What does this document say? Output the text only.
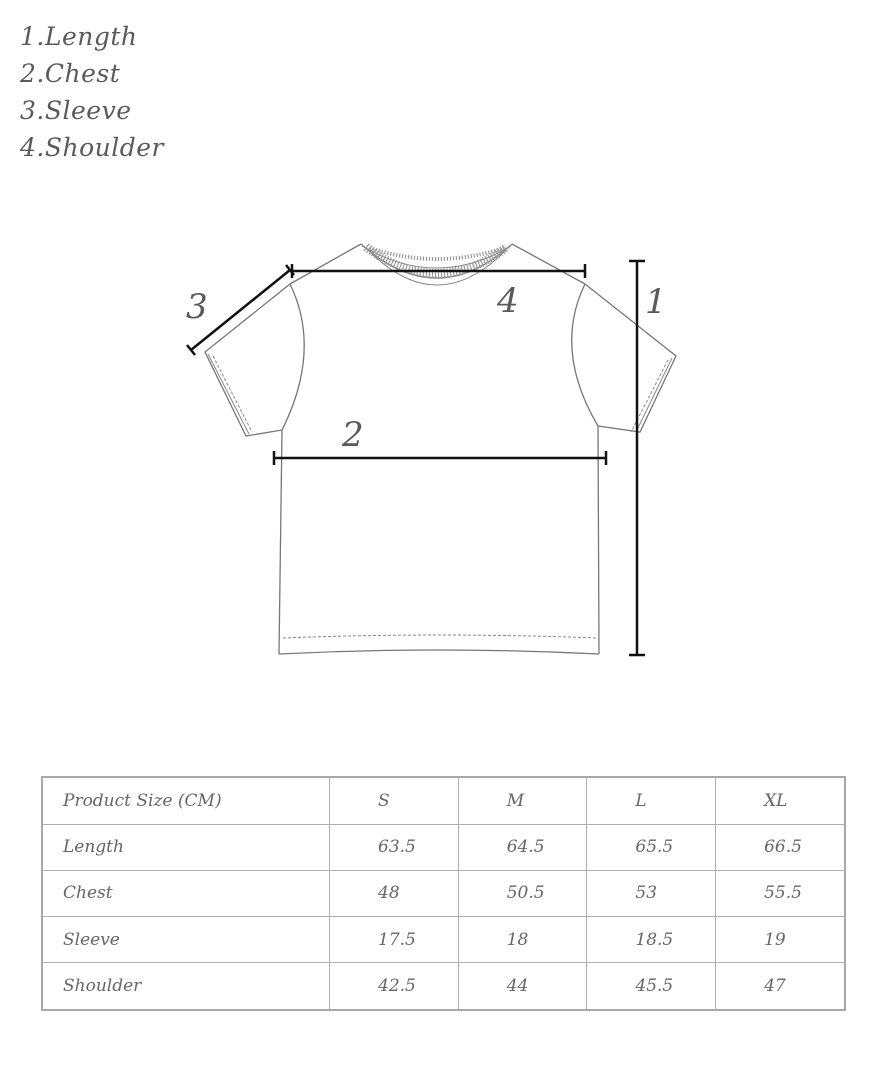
1.Length
2.Chest
3.Sleeve
4.Shoulder
1
2
3	4
Product Size (CM)	S	M	L	XL
Length	63.5	64.5	65.5	66.5
Chest	48	50.5	53	55.5
Sleeve	17.5	18	18.5	19
Shoulder	42.5	44	45.5	47
